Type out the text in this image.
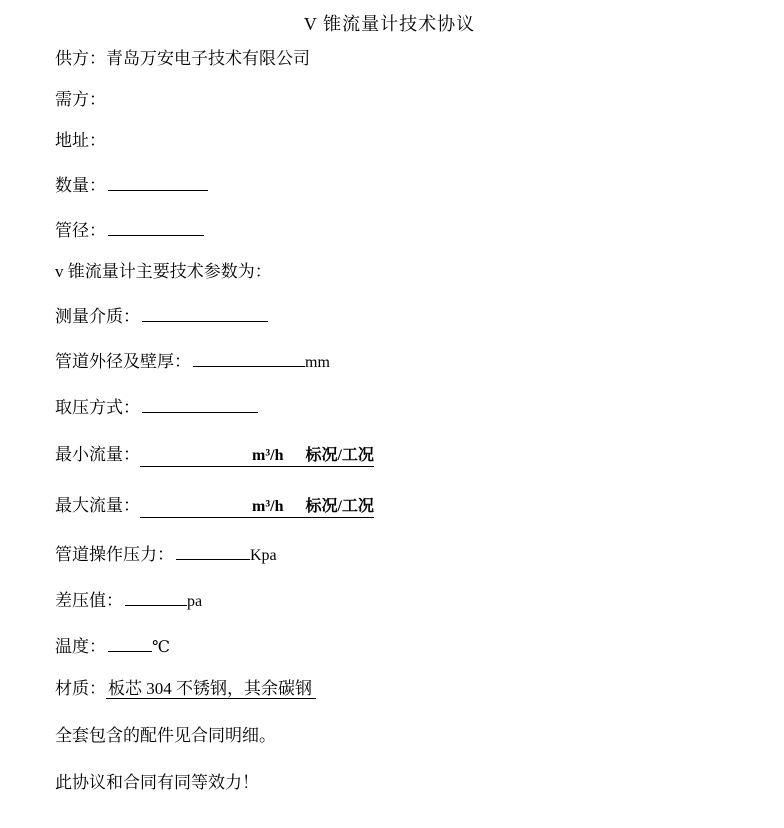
V 锥流量计技术协议
供方：青岛万安电子技术有限公司
需方：
地址：
数量：
管径：
v 锥流量计主要技术参数为：
测量介质：
管道外径及壁厚：	mm
取压方式：
最小流量：	m³/h 标况/工况
最大流量：	m³/h 标况/工况
管道操作压力：	Kpa
差压值：	pa
温度：	℃
材质： 板芯 304 不锈钢，其余碳钢
全套包含的配件见合同明细。
此协议和合同有同等效力！
